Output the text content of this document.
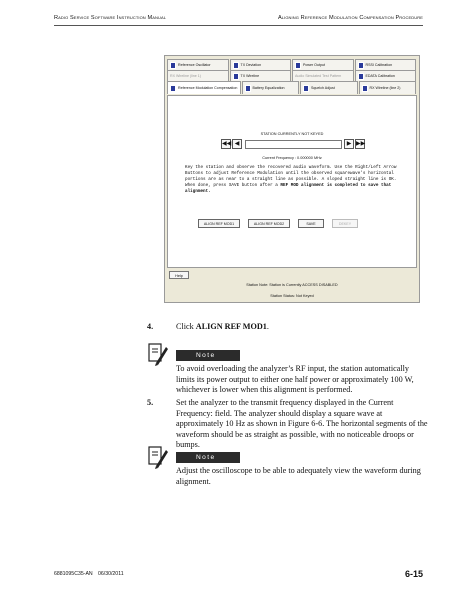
Radio Service Software Instruction Manual	Aligning Reference Modulation Compensation Procedure
Reference Oscillator	TX Deviation	Power Output	RSSI Calibration
RX Wireline (line 1)	TX Wireline	Audio Simulated Test Pattern	EDATA Calibration
Reference Modulation Compensation	Battery Equalization	Squelch Adjust	RX Wireline (line 2)
STATION CURRENTLY NOT KEYED
◀◀ ◀	▶ ▶▶
Current Frequency : 0.000000 MHz
Key the station and observe the recovered audio waveform. Use the Right/Left Arrow Buttons to adjust Reference Modulation until the observed squarewave's horizontal portions are as near to a straight line as possible. A sloped straight line is OK. When done, press SAVE button after a REF MOD alignment is completed to save that alignment.
ALIGN REF MOD1	ALIGN REF MOD2	SAVE	DEKEY
Help
Station Note: Station is Currently ACCESS DISABLED
Station Status: Not Keyed
4.	Click ALIGN REF MOD1.
Note
To avoid overloading the analyzer’s RF input, the station automatically limits its power output to either one half power or approximately 100 W, whichever is lower when this alignment is performed.
5.	Set the analyzer to the transmit frequency displayed in the Current Frequency: field. The analyzer should display a square wave at approximately 10 Hz as shown in Figure 6-6. The horizontal segments of the waveform should be as straight as possible, with no noticeable droops or bumps.
Note
Adjust the oscilloscope to be able to adequately view the waveform during alignment.
6881095C35-AN 06/30/2011	6-15
